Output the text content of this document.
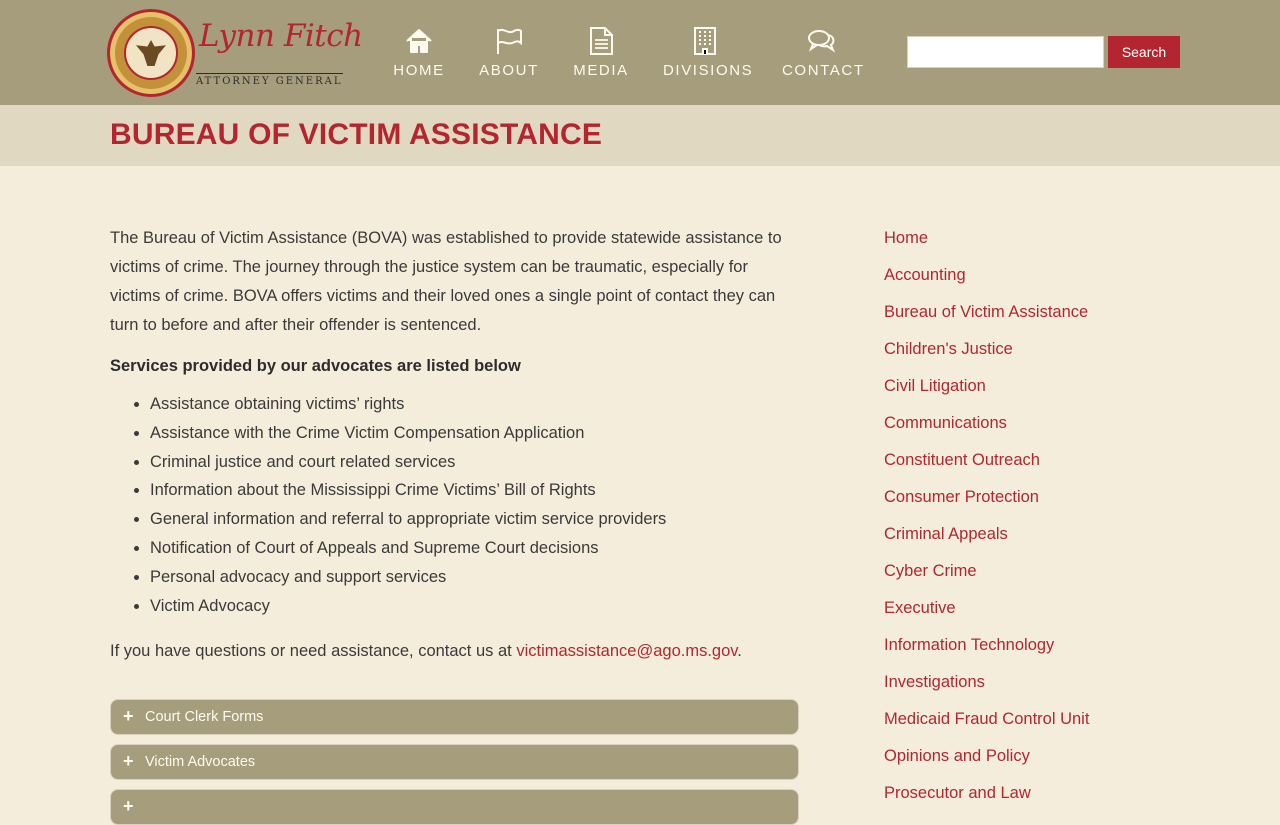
Lynn Fitch
ATTORNEY GENERAL
HOME ABOUT MEDIA DIVISIONS CONTACT
Search
BUREAU OF VICTIM ASSISTANCE

The Bureau of Victim Assistance (BOVA) was established to provide statewide assistance to victims of crime. The journey through the justice system can be traumatic, especially for victims of crime. BOVA offers victims and their loved ones a single point of contact they can turn to before and after their offender is sentenced.

Services provided by our advocates are listed below

• Assistance obtaining victims’ rights
• Assistance with the Crime Victim Compensation Application
• Criminal justice and court related services
• Information about the Mississippi Crime Victims’ Bill of Rights
• General information and referral to appropriate victim service providers
• Notification of Court of Appeals and Supreme Court decisions
• Personal advocacy and support services
• Victim Advocacy

If you have questions or need assistance, contact us at victimassistance@ago.ms.gov.

+ Court Clerk Forms
+ Victim Advocates
+
Home
Accounting
Bureau of Victim Assistance
Children's Justice
Civil Litigation
Communications
Constituent Outreach
Consumer Protection
Criminal Appeals
Cyber Crime
Executive
Information Technology
Investigations
Medicaid Fraud Control Unit
Opinions and Policy
Prosecutor and Law
